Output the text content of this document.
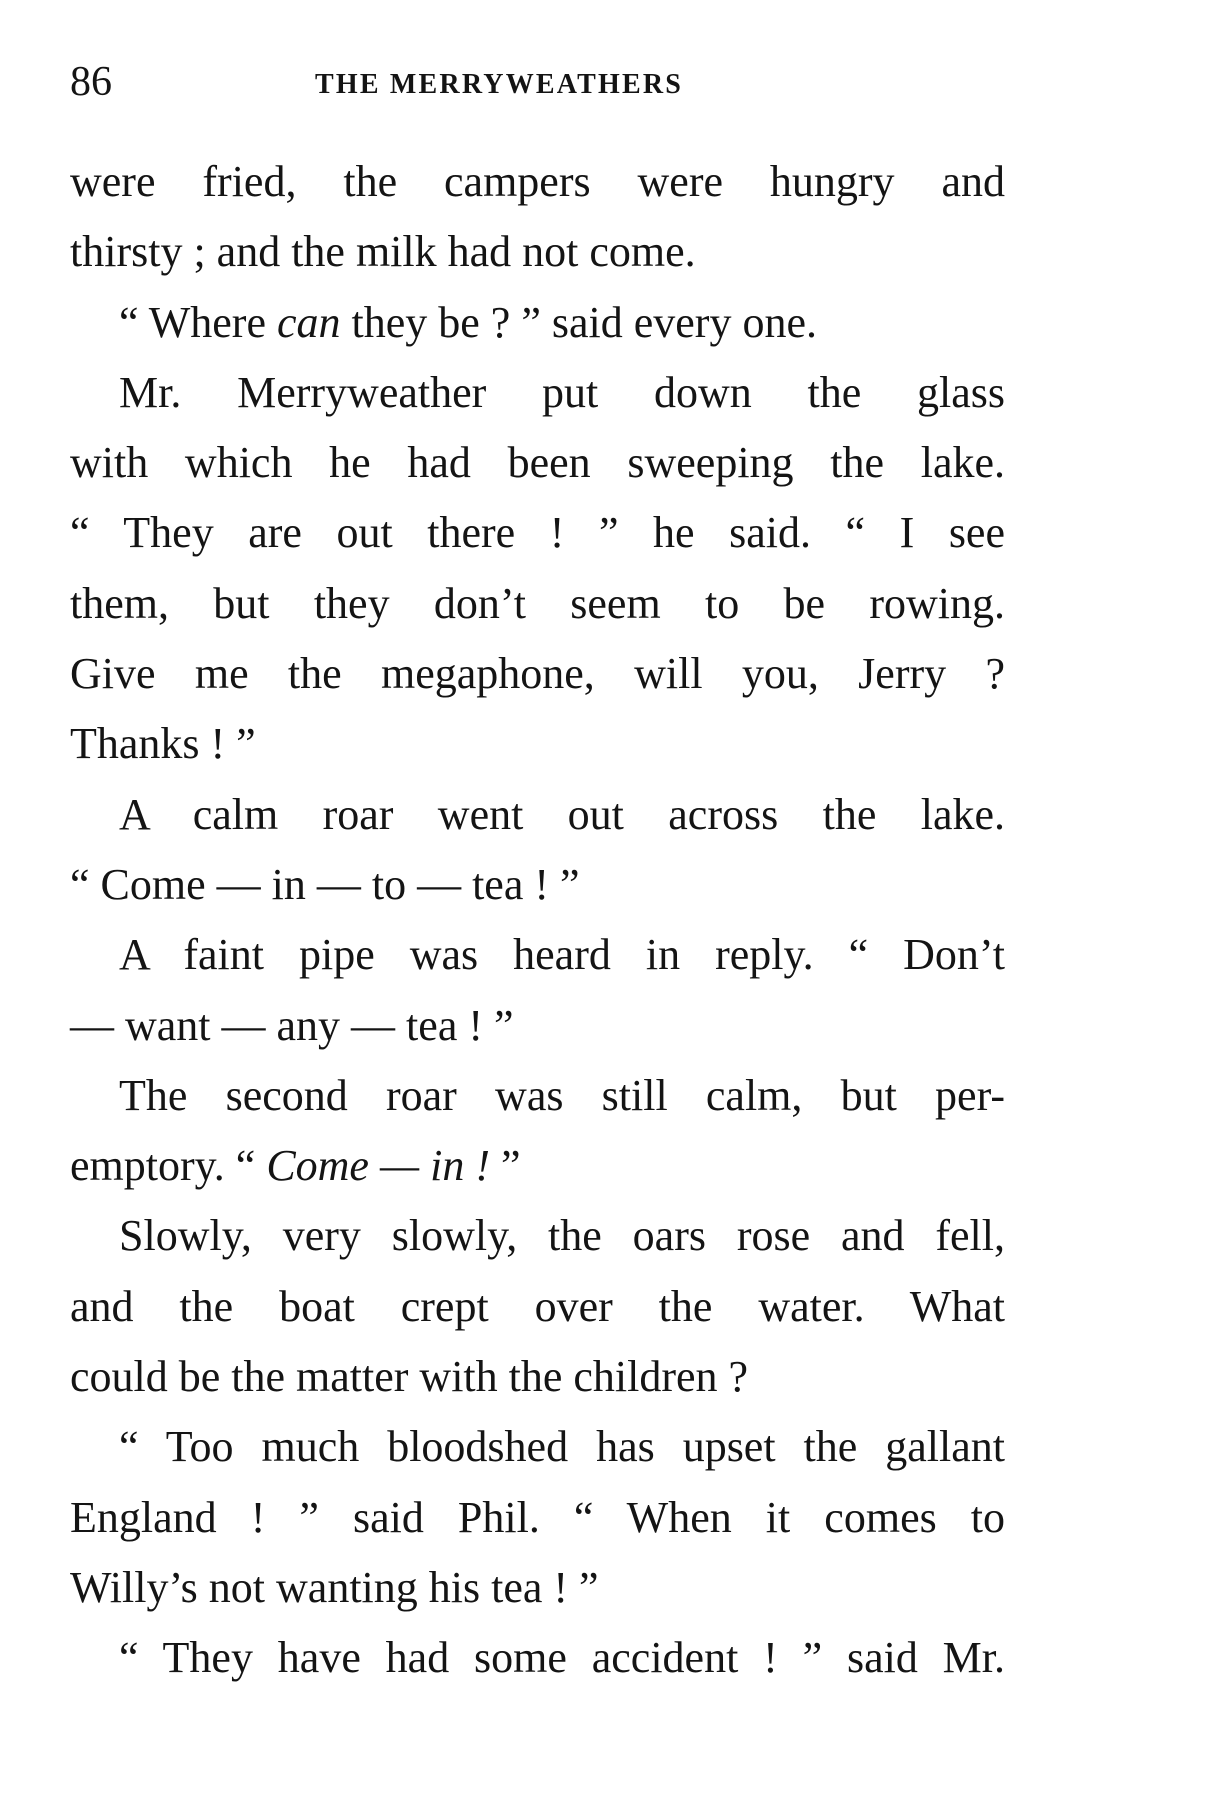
86	THE MERRYWEATHERS
were fried, the campers were hungry and
thirsty ; and the milk had not come.
“ Where can they be ? ” said every one.
Mr. Merryweather put down the glass
with which he had been sweeping the lake.
“ They are out there ! ” he said. “ I see
them, but they don’t seem to be rowing.
Give me the megaphone, will you, Jerry ?
Thanks ! ”
A calm roar went out across the lake.
“ Come — in — to — tea ! ”
A faint pipe was heard in reply. “ Don’t
— want — any — tea ! ”
The second roar was still calm, but per-
emptory. “ Come — in ! ”
Slowly, very slowly, the oars rose and fell,
and the boat crept over the water. What
could be the matter with the children ?
“ Too much bloodshed has upset the gallant
England ! ” said Phil. “ When it comes to
Willy’s not wanting his tea ! ”
“ They have had some accident ! ” said Mr.
